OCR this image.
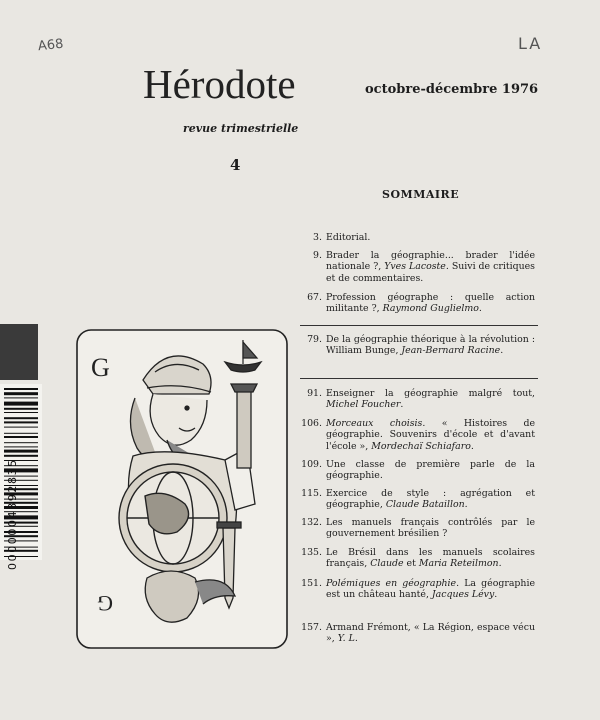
A68	LA
Hérodote	octobre-décembre 1976
revue trimestrielle
4
SOMMAIRE
3. Editorial.
9. Brader la géographie... brader l'idée nationale ?, Yves Lacoste. Suivi de critiques et de commentaires.
67. Profession géographe : quelle action militante ?, Raymond Guglielmo.
79. De la géographie théorique à la révolution : William Bunge, Jean-Bernard Racine.
91. Enseigner la géographie malgré tout, Michel Foucher.
106. Morceaux choisis. « Histoires de géographie. Souvenirs d'école et d'avant l'école », Mordechaï Schiafaro.
109. Une classe de première parle de la géographie.
115. Exercice de style : agrégation et géographie, Claude Bataillon.
132. Les manuels français contrôlés par le gouvernement brésilien ?
135. Le Brésil dans les manuels scolaires français, Claude et Maria Reteilmon.
151. Polémiques en géographie. La géographie est un château hanté, Jacques Lévy.
157. Armand Frémont, « La Région, espace vécu », Y. L.
0000004392835
G
G
